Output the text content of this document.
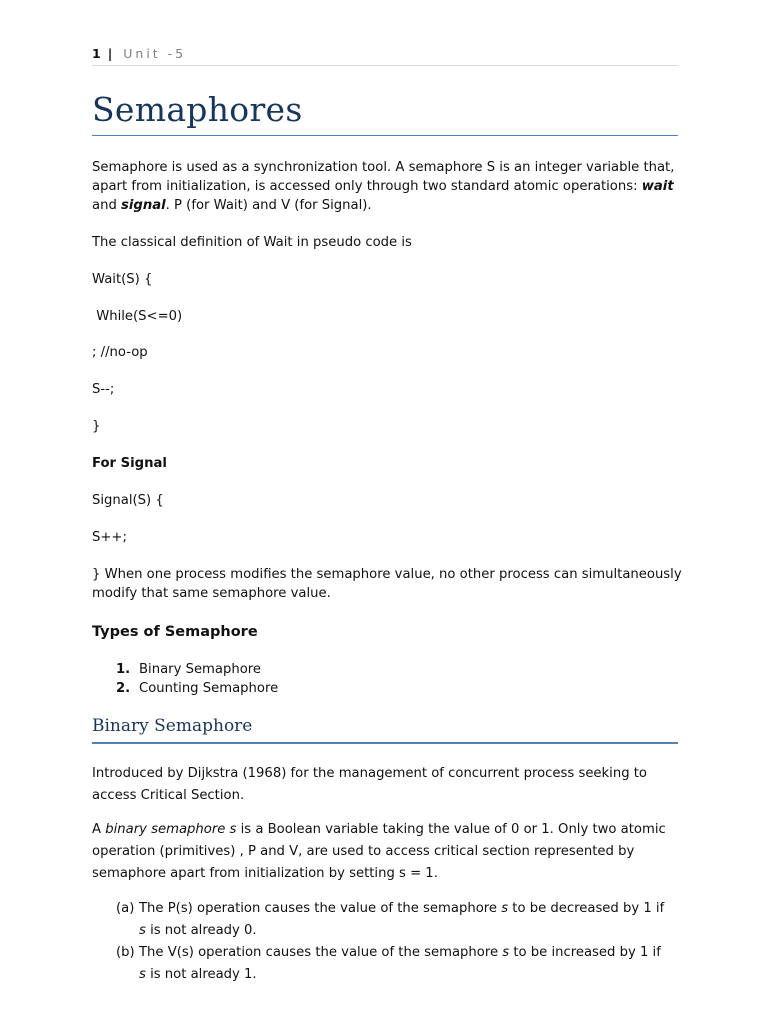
1 | Unit -5
Semaphores
Semaphore is used as a synchronization tool. A semaphore S is an integer variable that, apart from initialization, is accessed only through two standard atomic operations: wait and signal. P (for Wait) and V (for Signal).
The classical definition of Wait in pseudo code is
Wait(S) {
While(S<=0)
; //no-op
S--;
}
For Signal
Signal(S) {
S++;
} When one process modifies the semaphore value, no other process can simultaneously modify that same semaphore value.
Types of Semaphore
1. Binary Semaphore
2. Counting Semaphore
Binary Semaphore
Introduced by Dijkstra (1968) for the management of concurrent process seeking to access Critical Section.
A binary semaphore s is a Boolean variable taking the value of 0 or 1. Only two atomic operation (primitives) , P and V, are used to access critical section represented by semaphore apart from initialization by setting s = 1.
(a) The P(s) operation causes the value of the semaphore s to be decreased by 1 if s is not already 0.
(b) The V(s) operation causes the value of the semaphore s to be increased by 1 if s is not already 1.
